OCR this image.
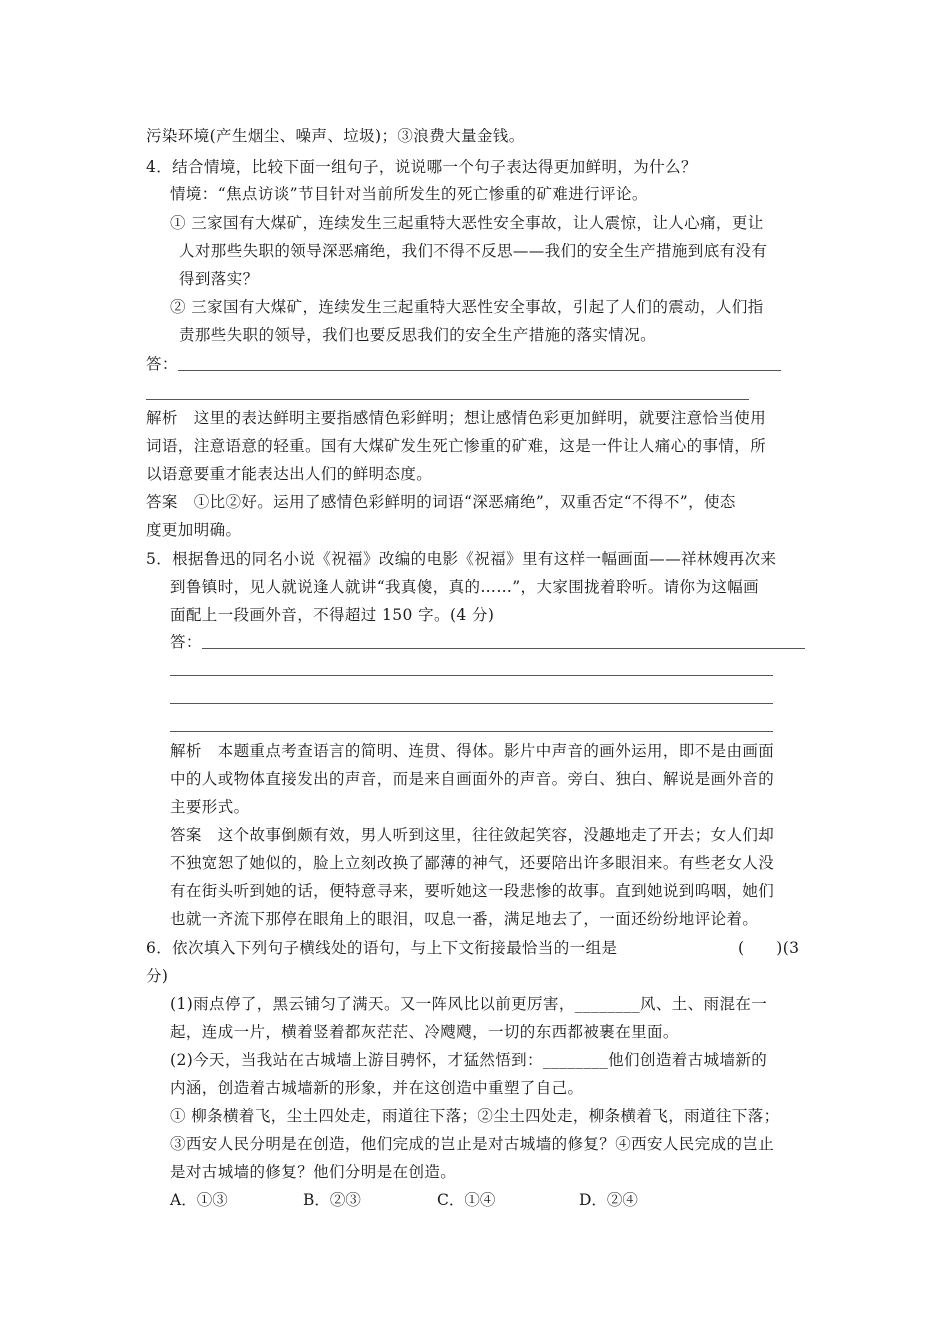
污染环境(产生烟尘、噪声、垃圾)；③浪费大量金钱。
4．结合情境，比较下面一组句子，说说哪一个句子表达得更加鲜明，为什么？
情境：“焦点访谈”节目针对当前所发生的死亡惨重的矿难进行评论。
① 三家国有大煤矿，连续发生三起重特大恶性安全事故，让人震惊，让人心痛，更让
人对那些失职的领导深恶痛绝，我们不得不反思——我们的安全生产措施到底有没有
得到落实？
② 三家国有大煤矿，连续发生三起重特大恶性安全事故，引起了人们的震动，人们指
责那些失职的领导，我们也要反思我们的安全生产措施的落实情况。
答：
解析　这里的表达鲜明主要指感情色彩鲜明；想让感情色彩更加鲜明，就要注意恰当使用
词语，注意语意的轻重。国有大煤矿发生死亡惨重的矿难，这是一件让人痛心的事情，所
以语意要重才能表达出人们的鲜明态度。
答案　①比②好。运用了感情色彩鲜明的词语“深恶痛绝”，双重否定“不得不”，使态
度更加明确。
5．根据鲁迅的同名小说《祝福》改编的电影《祝福》里有这样一幅画面——祥林嫂再次来
到鲁镇时，见人就说逢人就讲“我真傻，真的……”，大家围拢着聆听。请你为这幅画
面配上一段画外音，不得超过 150 字。(4 分)
答：
解析　本题重点考查语言的简明、连贯、得体。影片中声音的画外运用，即不是由画面
中的人或物体直接发出的声音，而是来自画面外的声音。旁白、独白、解说是画外音的
主要形式。
答案　这个故事倒颇有效，男人听到这里，往往敛起笑容，没趣地走了开去；女人们却
不独宽恕了她似的，脸上立刻改换了鄙薄的神气，还要陪出许多眼泪来。有些老女人没
有在街头听到她的话，便特意寻来，要听她这一段悲惨的故事。直到她说到呜咽，她们
也就一齐流下那停在眼角上的眼泪，叹息一番，满足地去了，一面还纷纷地评论着。
6．依次填入下列句子横线处的语句，与上下文衔接最恰当的一组是	(　　)(3
分)
(1)雨点停了，黑云铺匀了满天。又一阵风比以前更厉害，________风、土、雨混在一
起，连成一片，横着竖着都灰茫茫、冷飕飕，一切的东西都被裹在里面。
(2)今天，当我站在古城墙上游目骋怀，才猛然悟到：________他们创造着古城墙新的
内涵，创造着古城墙新的形象，并在这创造中重塑了自己。
① 柳条横着飞，尘土四处走，雨道往下落；②尘土四处走，柳条横着飞，雨道往下落；
③西安人民分明是在创造，他们完成的岂止是对古城墙的修复？④西安人民完成的岂止
是对古城墙的修复？他们分明是在创造。
A．①③	B．②③	C．①④	D．②④
